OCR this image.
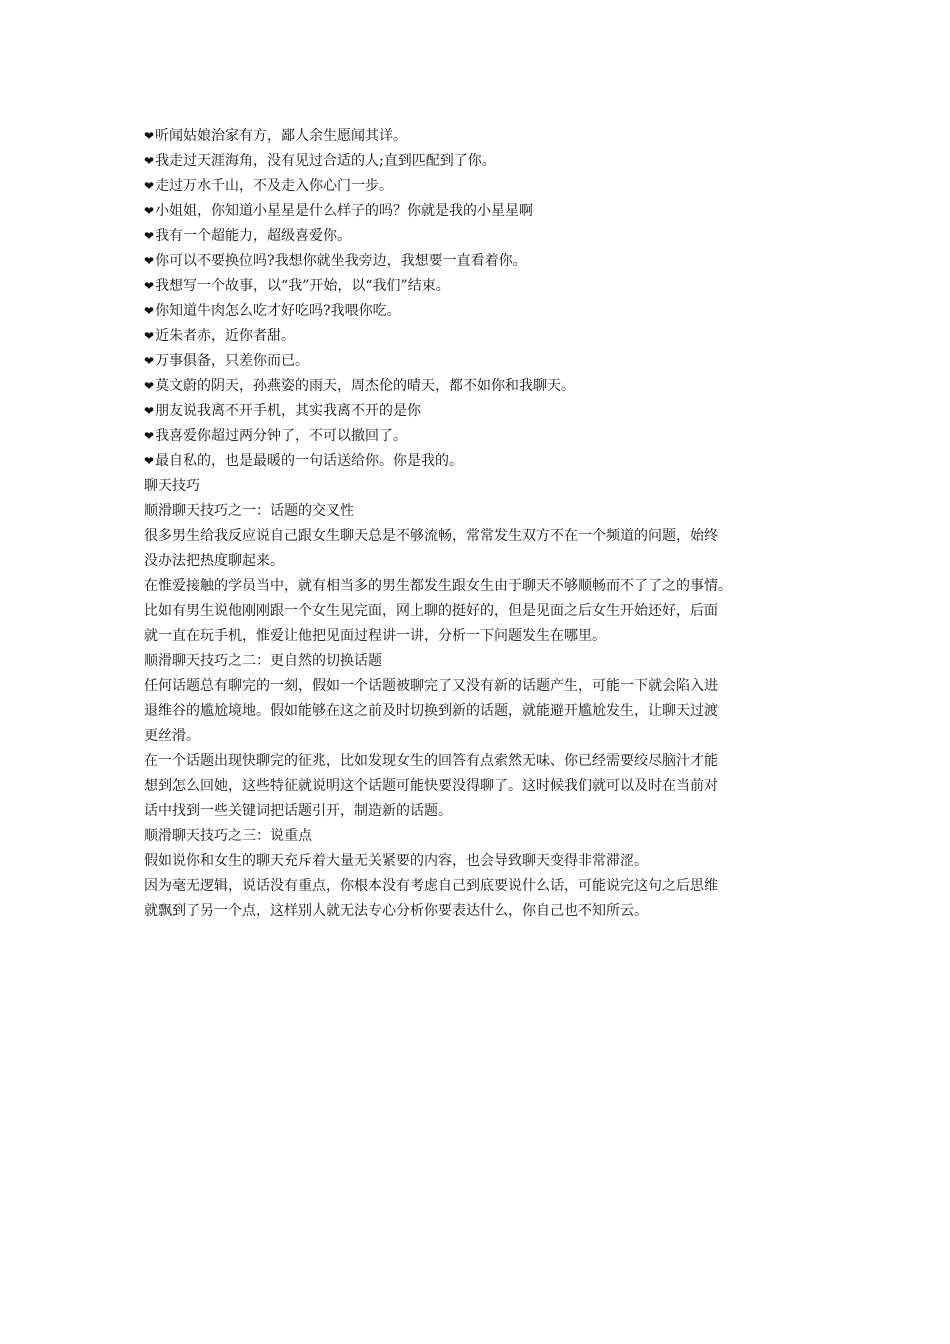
❤听闻姑娘治家有方，鄙人余生愿闻其详。
❤我走过天涯海角，没有见过合适的人;直到匹配到了你。
❤走过万水千山，不及走入你心门一步。
❤小姐姐，你知道小星星是什么样子的吗？你就是我的小星星啊
❤我有一个超能力，超级喜爱你。
❤你可以不要换位吗?我想你就坐我旁边，我想要一直看着你。
❤我想写一个故事，以“我”开始，以“我们”结束。
❤你知道牛肉怎么吃才好吃吗?我喂你吃。
❤近朱者赤，近你者甜。
❤万事俱备，只差你而已。
❤莫文蔚的阴天，孙燕姿的雨天，周杰伦的晴天，都不如你和我聊天。
❤朋友说我离不开手机，其实我离不开的是你
❤我喜爱你超过两分钟了，不可以撤回了。
❤最自私的，也是最暖的一句话送给你。你是我的。
聊天技巧
顺滑聊天技巧之一：话题的交叉性
很多男生给我反应说自己跟女生聊天总是不够流畅，常常发生双方不在一个频道的问题，始终
没办法把热度聊起来。
在惟爱接触的学员当中，就有相当多的男生都发生跟女生由于聊天不够顺畅而不了了之的事情。
比如有男生说他刚刚跟一个女生见完面，网上聊的挺好的，但是见面之后女生开始还好，后面
就一直在玩手机，惟爱让他把见面过程讲一讲，分析一下问题发生在哪里。
顺滑聊天技巧之二：更自然的切换话题
任何话题总有聊完的一刻，假如一个话题被聊完了又没有新的话题产生，可能一下就会陷入进
退维谷的尴尬境地。假如能够在这之前及时切换到新的话题，就能避开尴尬发生，让聊天过渡
更丝滑。
在一个话题出现快聊完的征兆，比如发现女生的回答有点索然无味、你已经需要绞尽脑汁才能
想到怎么回她，这些特征就说明这个话题可能快要没得聊了。这时候我们就可以及时在当前对
话中找到一些关键词把话题引开，制造新的话题。
顺滑聊天技巧之三：说重点
假如说你和女生的聊天充斥着大量无关紧要的内容，也会导致聊天变得非常滞涩。
因为毫无逻辑，说话没有重点，你根本没有考虑自己到底要说什么话，可能说完这句之后思维
就飘到了另一个点，这样别人就无法专心分析你要表达什么，你自己也不知所云。
